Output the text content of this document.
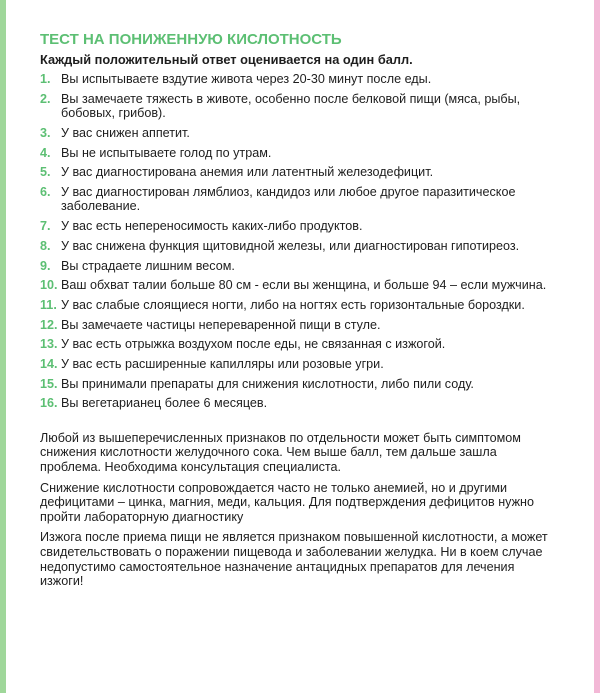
ТЕСТ НА ПОНИЖЕННУЮ КИСЛОТНОСТЬ
Каждый положительный ответ оценивается на один балл.
1. Вы испытываете вздутие живота через 20-30 минут после еды.
2. Вы замечаете тяжесть в животе, особенно после белковой пищи (мяса, рыбы, бобовых, грибов).
3. У вас снижен аппетит.
4. Вы не испытываете голод по утрам.
5. У вас диагностирована анемия или латентный железодефицит.
6. У вас диагностирован лямблиоз, кандидоз или любое другое паразитическое заболевание.
7. У вас есть непереносимость каких-либо продуктов.
8. У вас снижена функция щитовидной железы, или диагностирован гипотиреоз.
9. Вы страдаете лишним весом.
10. Ваш обхват талии больше 80 см - если вы женщина, и больше 94 – если мужчина.
11. У вас слабые слоящиеся ногти, либо на ногтях есть горизонтальные бороздки.
12. Вы замечаете частицы непереваренной пищи в стуле.
13. У вас есть отрыжка воздухом после еды, не связанная с изжогой.
14. У вас есть расширенные капилляры или розовые угри.
15. Вы принимали препараты для снижения кислотности, либо пили соду.
16. Вы вегетарианец более 6 месяцев.

Любой из вышеперечисленных признаков по отдельности может быть симптомом снижения кислотности желудочного сока. Чем выше балл, тем дальше зашла проблема. Необходима консультация специалиста.

Снижение кислотности сопровождается часто не только анемией, но и другими дефицитами – цинка, магния, меди, кальция. Для подтверждения дефицитов нужно пройти лабораторную диагностику

Изжога после приема пищи не является признаком повышенной кислотности, а может свидетельствовать о поражении пищевода и заболевании желудка. Ни в коем случае недопустимо самостоятельное назначение антацидных препаратов для лечения изжоги!
